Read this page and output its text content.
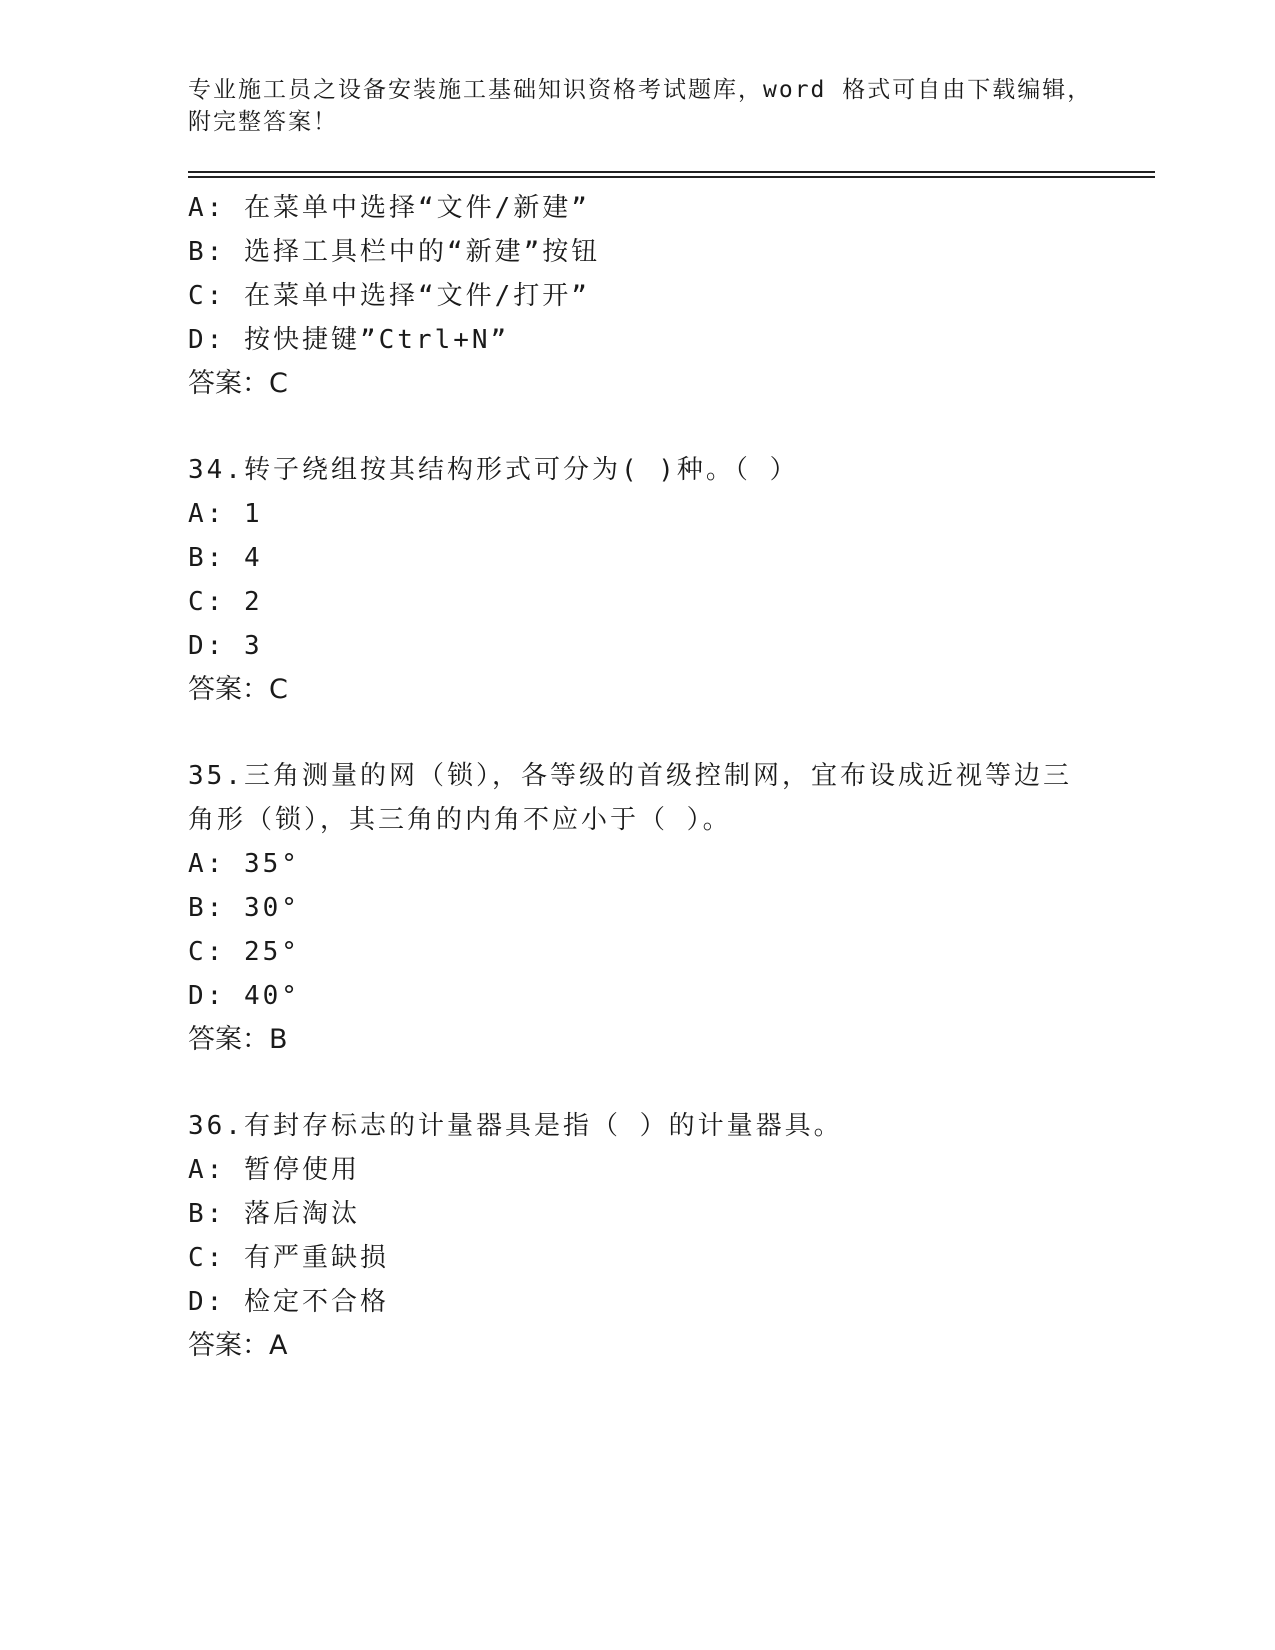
专业施工员之设备安装施工基础知识资格考试题库，word 格式可自由下载编辑，
附完整答案！
A: 在菜单中选择“文件/新建”
B: 选择工具栏中的“新建”按钮
C: 在菜单中选择“文件/打开”
D: 按快捷键”Ctrl+N”
答案：C
34.转子绕组按其结构形式可分为( )种。（ ）
A: 1
B: 4
C: 2
D: 3
答案：C
35.三角测量的网（锁），各等级的首级控制网，宜布设成近视等边三
角形（锁），其三角的内角不应小于（ ）。
A: 35°
B: 30°
C: 25°
D: 40°
答案：B
36.有封存标志的计量器具是指（ ）的计量器具。
A: 暂停使用
B: 落后淘汰
C: 有严重缺损
D: 检定不合格
答案：A
